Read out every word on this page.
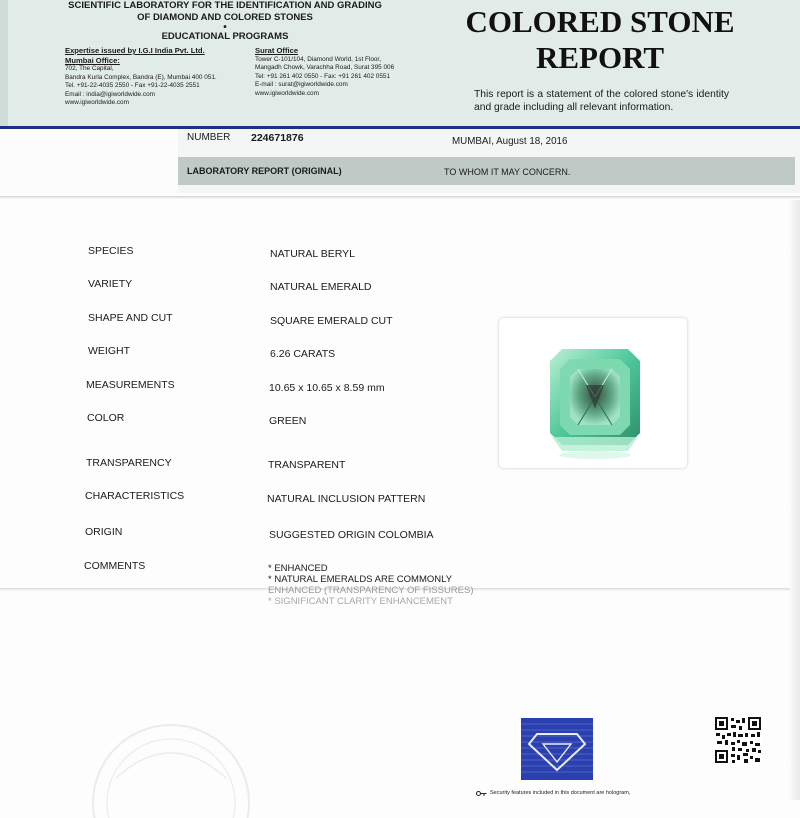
SCIENTIFIC LABORATORY FOR THE IDENTIFICATION AND GRADING
OF DIAMOND AND COLORED STONES
•
EDUCATIONAL PROGRAMS
Expertise issued by I.G.I India Pvt. Ltd.
Mumbai Office:
702, The Capital,
Bandra Kurla Complex, Bandra (E), Mumbai 400 051.
Tel. +91-22-4035 2550 - Fax +91-22-4035 2551
Email : india@igiworldwide.com
www.igiworldwide.com
Surat Office
Tower C-101/104, Diamond World, 1st Floor,
Mangadh Chowk, Varachha Road, Surat 395 006
Tel: +91 261 402 0550 - Fax: +91 261 402 0551
E-mail : surat@igiworldwide.com
www.igiworldwide.com
COLORED STONE
REPORT
This report is a statement of the colored stone's identity and grade including all relevant information.
NUMBER 224671876	MUMBAI, August 18, 2016
LABORATORY REPORT (ORIGINAL)	TO WHOM IT MAY CONCERN.
SPECIES	NATURAL BERYL
VARIETY	NATURAL EMERALD
SHAPE AND CUT	SQUARE EMERALD CUT
WEIGHT	6.26 CARATS
MEASUREMENTS	10.65 x 10.65 x 8.59 mm
COLOR	GREEN
TRANSPARENCY	TRANSPARENT
CHARACTERISTICS	NATURAL INCLUSION PATTERN
ORIGIN	SUGGESTED ORIGIN COLOMBIA
COMMENTS	* ENHANCED
* NATURAL EMERALDS ARE COMMONLY
ENHANCED (TRANSPARENCY OF FISSURES)
* SIGNIFICANT CLARITY ENHANCEMENT
Security features included in this document are hologram,
